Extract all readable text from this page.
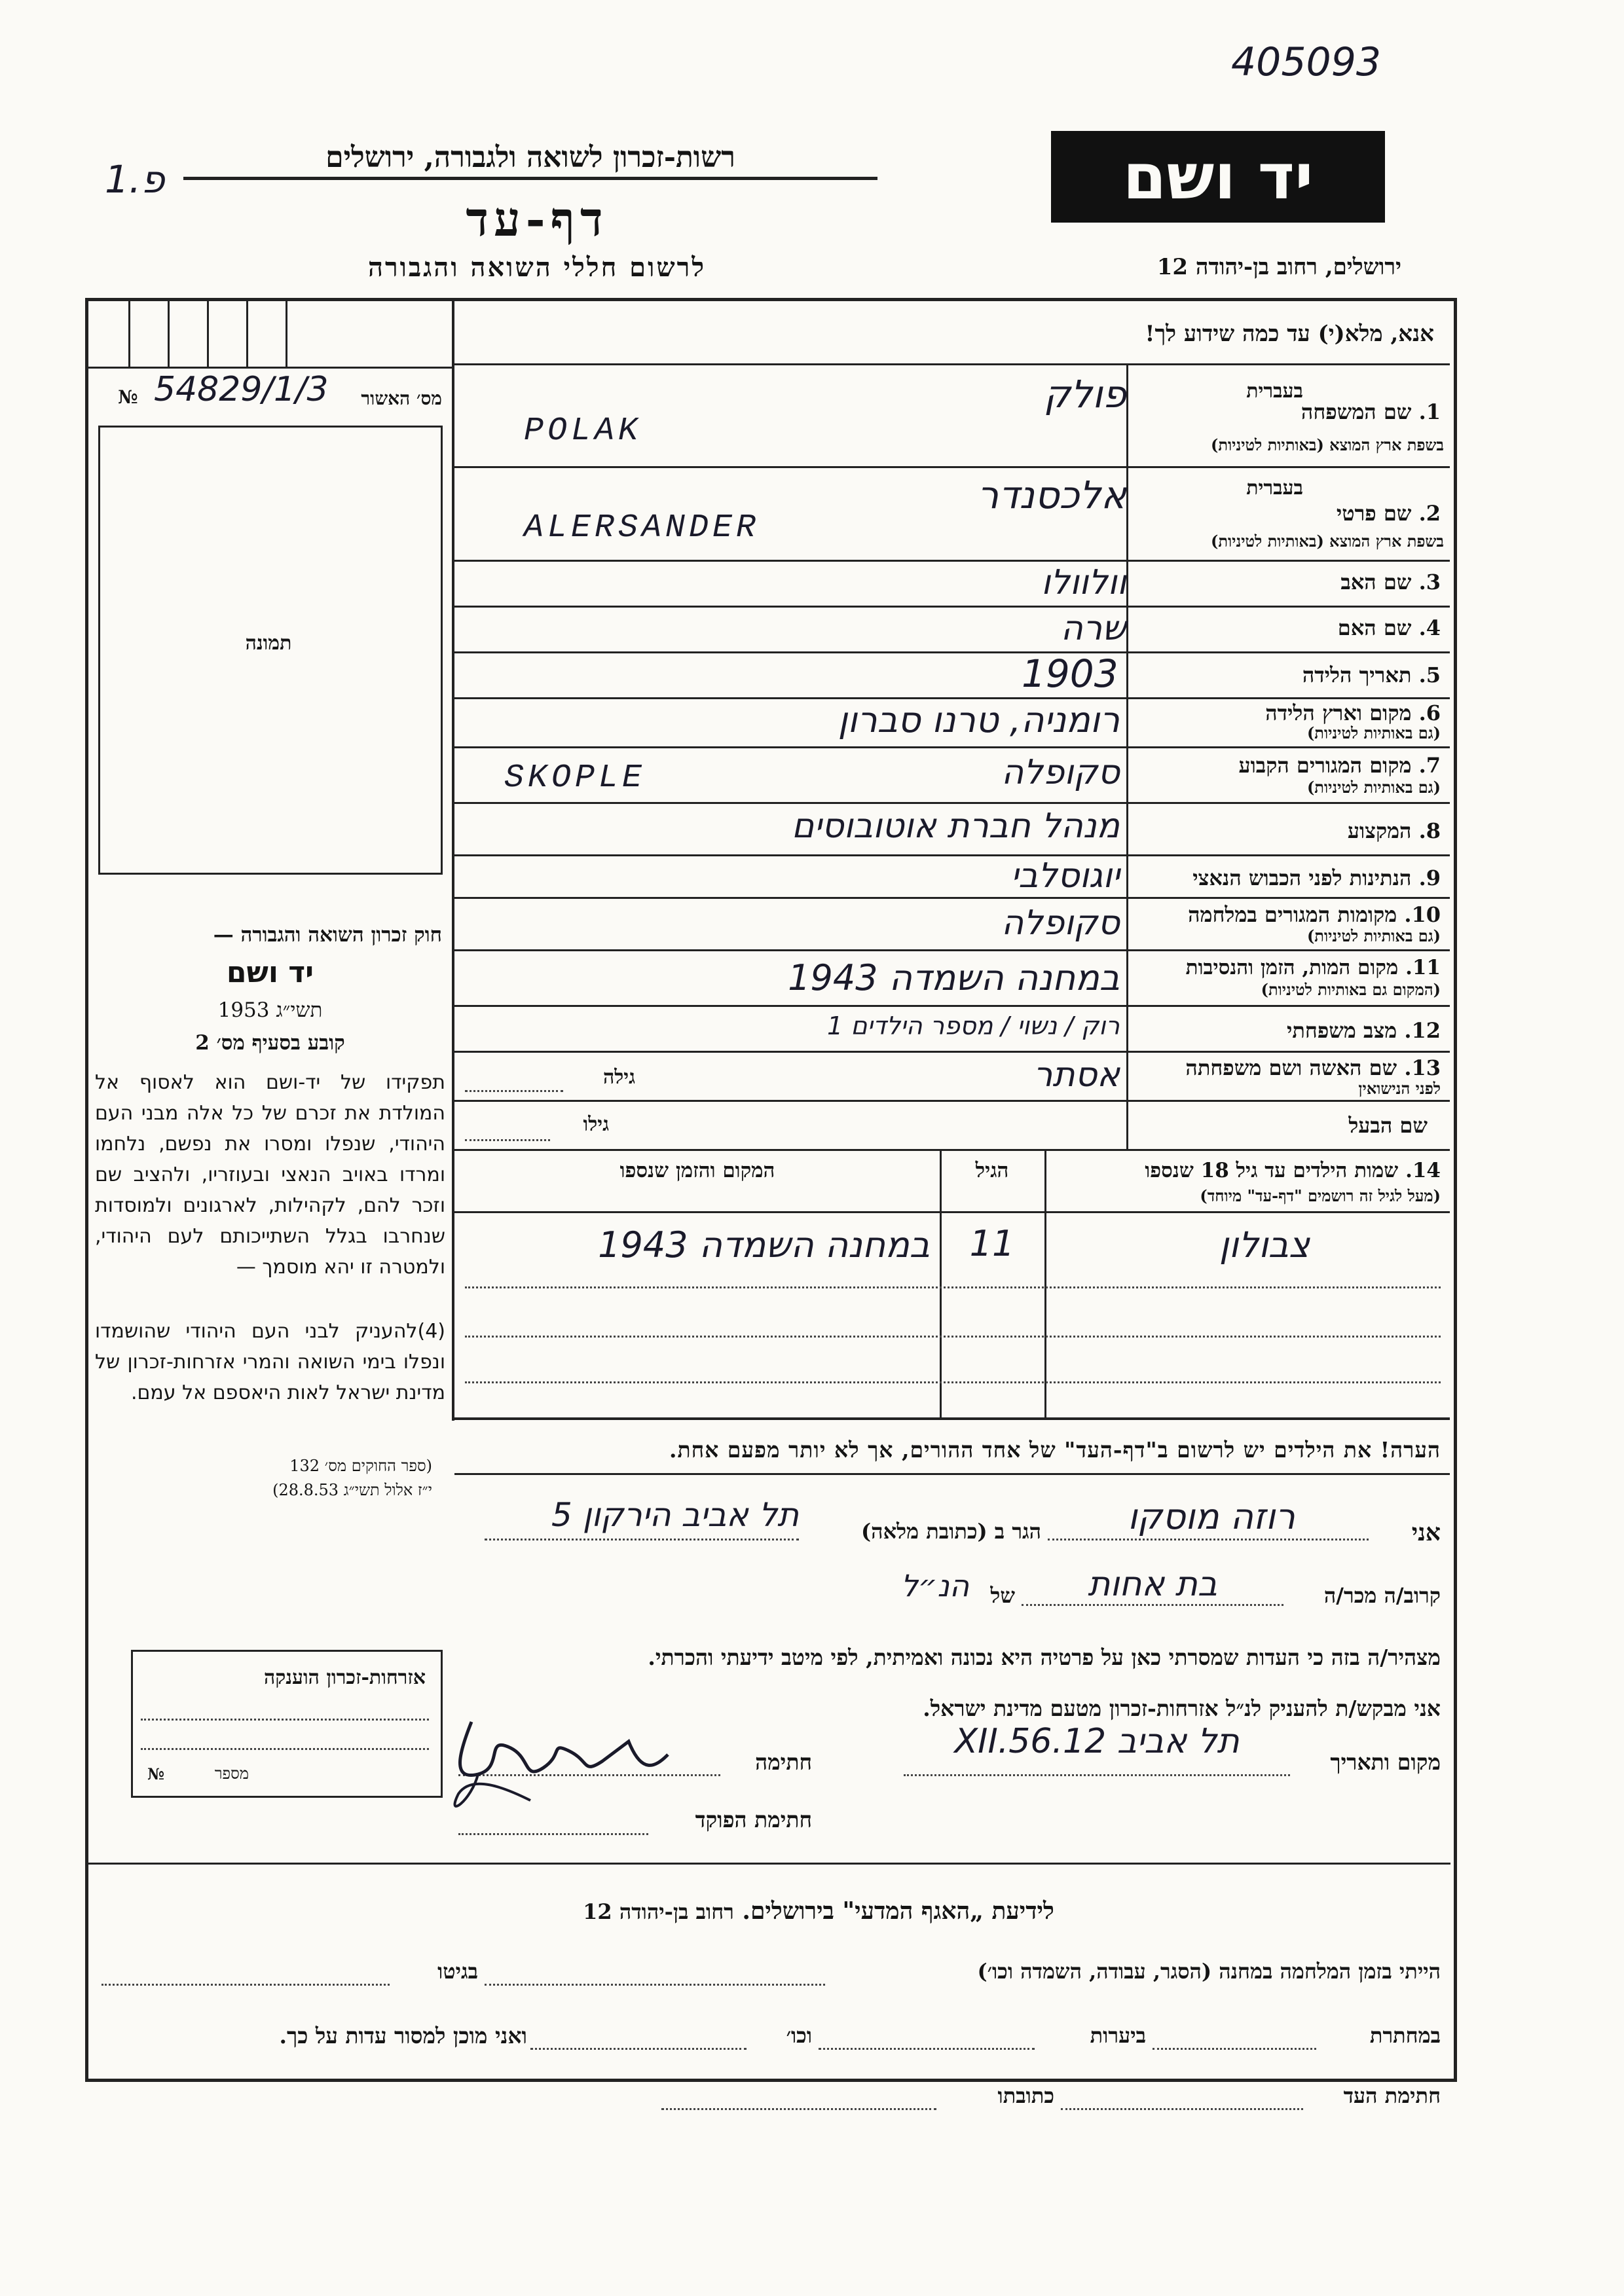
405093
פ.1	רשות-זכרון לשואה ולגבורה, ירושלים
דף-עד
לרשום חללי השואה והגבורה
יד ושם
ירושלים, רחוב בן-יהודה 12
מס׳ האשור
№ 54829/1/3
תמונה
חוק זכרון השואה והגבורה —
יד ושם
תשי״ג 1953
קובע בסעיף מס׳ 2
תפקידו של יד-ושם הוא לאסוף אל המולדת את זכרם של כל אלה מבני העם היהודי, שנפלו ומסרו את נפשם, נלחמו ומרדו באויב הנאצי ובעוזריו, ולהציב שם וזכר להם, לקהילות, לארגונים ולמוסדות שנחרבו בגלל השתייכותם לעם היהודי, ולמטרה זו יהא מוסמך —
(4)להעניק לבני העם היהודי שהושמדו ונפלו בימי השואה והמרי אזרחות-זכרון של מדינת ישראל לאות היאספם אל עמם.
(ספר החוקים מס׳ 132
י״ז אלול תשי״ג 28.8.53)
אזרחות-זכרון הוענקה
מספר
№
אנא, מלא(י) עד כמה שידוע לך!
1. שם המשפחה
בעברית
בשפת ארץ המוצא (באותיות לטיניות)
פולק
POLAK
2. שם פרטי
בעברית
בשפת ארץ המוצא (באותיות לטיניות)
אלכסנדר
ALERSANDER
3. שם האב
וולוולו
4. שם האם
שרה
5. תאריך הלידה
1903
6. מקום וארץ הלידה
(גם באותיות לטיניות)
רומניה, טרנו סברון
7. מקום המגורים הקבוע
(גם באותיות לטיניות)
סקופלה
SKOPLE
8. המקצוע
מנהל חברת אוטובוסים
9. הנתינות לפני הכבוש הנאצי
יוגוסלבי
10. מקומות המגורים במלחמה
(גם באותיות לטיניות)
סקופלה
11. מקום המות, הזמן והנסיבות
(המקום גם באותיות לטיניות)
במחנה השמדה 1943
12. מצב משפחתי
רוק / נשוי / מספר הילדים 1
13. שם האשה ושם משפחתה
לפני הנישואין
אסתר
גילה
שם הבעל
גילו
14. שמות הילדים עד גיל 18 שנספו
(מעל לגיל זה רושמים "דף-עד" מיוחד)
הגיל
המקום והזמן שנספו
צבולון
11
במחנה השמדה 1943
הערה! את הילדים יש לרשום ב"דף-העד" של אחד ההורים, אך לא יותר מפעם אחת.
אני
רוזה מוסקו
הגר ב (כתובת מלאה)
תל אביב הירקון 5
קרוב/ה מכר/ה
בת אחות
של
הנ״ל
מצהיר/ה בזה כי העדות שמסרתי כאן על פרטיה היא נכונה ואמיתית, לפי מיטב ידיעתי והכרתי.
אני מבקש/ת להעניק לנ״ל אזרחות-זכרון מטעם מדינת ישראל.
מקום ותאריך
תל אביב 12.XII.56
חתימה
חתימת הפוקד
לידיעת „האגף המדעי" בירושלים. רחוב בן-יהודה 12
הייתי בזמן המלחמה במחנה (הסגר, עבודה, השמדה וכו׳)
בגיטו
במחתרת
ביערות
וכו׳
ואני מוכן למסור עדות על כך.
חתימת העד
כתובתו
